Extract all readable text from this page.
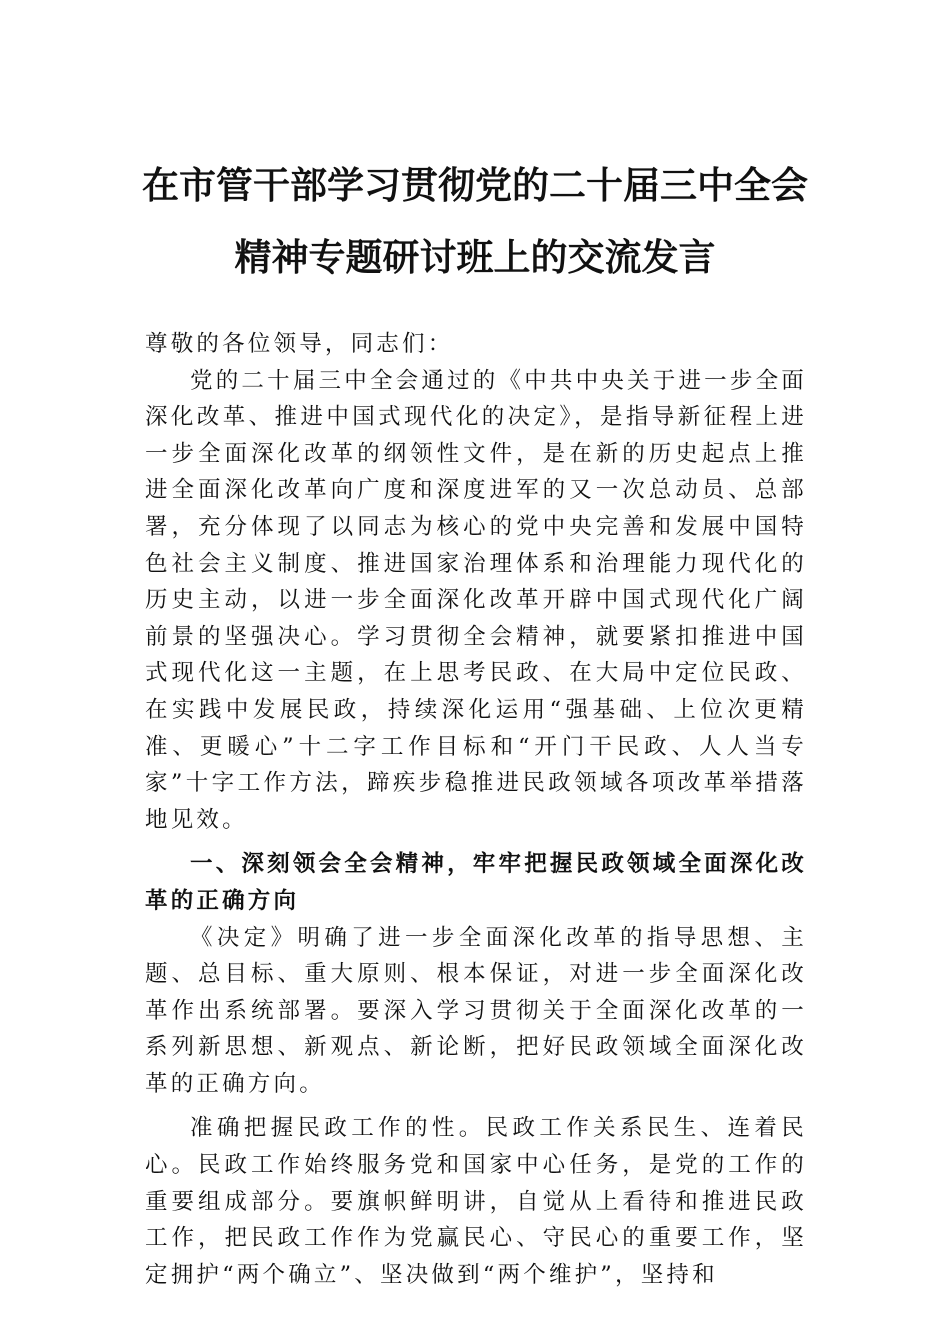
在市管干部学习贯彻党的二十届三中全会
精神专题研讨班上的交流发言

尊敬的各位领导，同志们：

党的二十届三中全会通过的《中共中央关于进一步全面深化改革、推进中国式现代化的决定》，是指导新征程上进一步全面深化改革的纲领性文件，是在新的历史起点上推进全面深化改革向广度和深度进军的又一次总动员、总部署，充分体现了以同志为核心的党中央完善和发展中国特色社会主义制度、推进国家治理体系和治理能力现代化的历史主动，以进一步全面深化改革开辟中国式现代化广阔前景的坚强决心。学习贯彻全会精神，就要紧扣推进中国式现代化这一主题，在上思考民政、在大局中定位民政、在实践中发展民政，持续深化运用“强基础、上位次更精准、更暖心”十二字工作目标和“开门干民政、人人当专家”十字工作方法，蹄疾步稳推进民政领域各项改革举措落地见效。

一、深刻领会全会精神，牢牢把握民政领域全面深化改革的正确方向

《决定》明确了进一步全面深化改革的指导思想、主题、总目标、重大原则、根本保证，对进一步全面深化改革作出系统部署。要深入学习贯彻关于全面深化改革的一系列新思想、新观点、新论断，把好民政领域全面深化改革的正确方向。

准确把握民政工作的性。民政工作关系民生、连着民心。民政工作始终服务党和国家中心任务，是党的工作的重要组成部分。要旗帜鲜明讲，自觉从上看待和推进民政工作，把民政工作作为党赢民心、守民心的重要工作，坚定拥护“两个确立”、坚决做到“两个维护”，坚持和
